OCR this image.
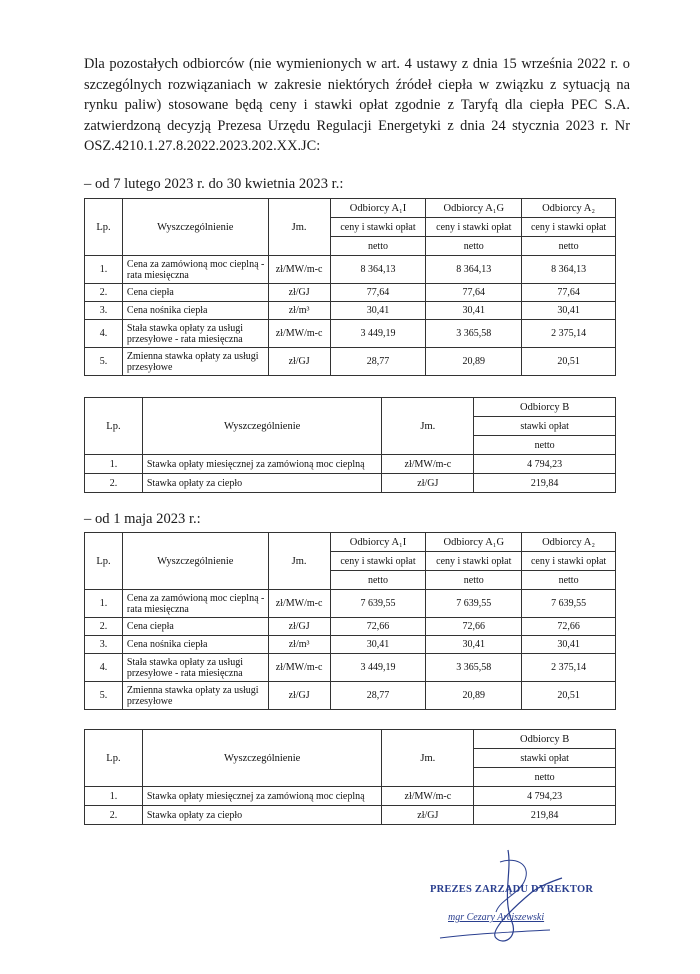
Dla pozostałych odbiorców (nie wymienionych w art. 4 ustawy z dnia 15 września 2022 r. o szczególnych rozwiązaniach w zakresie niektórych źródeł ciepła w związku z sytuacją na rynku paliw) stosowane będą ceny i stawki opłat zgodnie z Taryfą dla ciepła PEC S.A. zatwierdzoną decyzją Prezesa Urzędu Regulacji Energetyki z dnia 24 stycznia 2023 r. Nr OSZ.4210.1.27.8.2022.2023.202.XX.JC:
– od 7 lutego 2023 r. do 30 kwietnia 2023 r.:
Lp.	Wyszczególnienie	Jm.	Odbiorcy A₁I	Odbiorcy A₁G	Odbiorcy A₂
			ceny i stawki opłat	ceny i stawki opłat	ceny i stawki opłat
			netto	netto	netto
1.	Cena za zamówioną moc cieplną - rata miesięczna	zł/MW/m-c	8 364,13	8 364,13	8 364,13
2.	Cena ciepła	zł/GJ	77,64	77,64	77,64
3.	Cena nośnika ciepła	zł/m³	30,41	30,41	30,41
4.	Stała stawka opłaty za usługi przesyłowe - rata miesięczna	zł/MW/m-c	3 449,19	3 365,58	2 375,14
5.	Zmienna stawka opłaty za usługi przesyłowe	zł/GJ	28,77	20,89	20,51
Lp.	Wyszczególnienie	Jm.	Odbiorcy B
			stawki opłat
			netto
1.	Stawka opłaty miesięcznej za zamówioną moc cieplną	zł/MW/m-c	4 794,23
2.	Stawka opłaty za ciepło	zł/GJ	219,84
– od 1 maja 2023 r.:
Lp.	Wyszczególnienie	Jm.	Odbiorcy A₁I	Odbiorcy A₁G	Odbiorcy A₂
			ceny i stawki opłat	ceny i stawki opłat	ceny i stawki opłat
			netto	netto	netto
1.	Cena za zamówioną moc cieplną - rata miesięczna	zł/MW/m-c	7 639,55	7 639,55	7 639,55
2.	Cena ciepła	zł/GJ	72,66	72,66	72,66
3.	Cena nośnika ciepła	zł/m³	30,41	30,41	30,41
4.	Stała stawka opłaty za usługi przesyłowe - rata miesięczna	zł/MW/m-c	3 449,19	3 365,58	2 375,14
5.	Zmienna stawka opłaty za usługi przesyłowe	zł/GJ	28,77	20,89	20,51
Lp.	Wyszczególnienie	Jm.	Odbiorcy B
			stawki opłat
			netto
1.	Stawka opłaty miesięcznej za zamówioną moc cieplną	zł/MW/m-c	4 794,23
2.	Stawka opłaty za ciepło	zł/GJ	219,84
PREZES ZARZĄDU DYREKTOR
mgr Cezary Arciszewski
